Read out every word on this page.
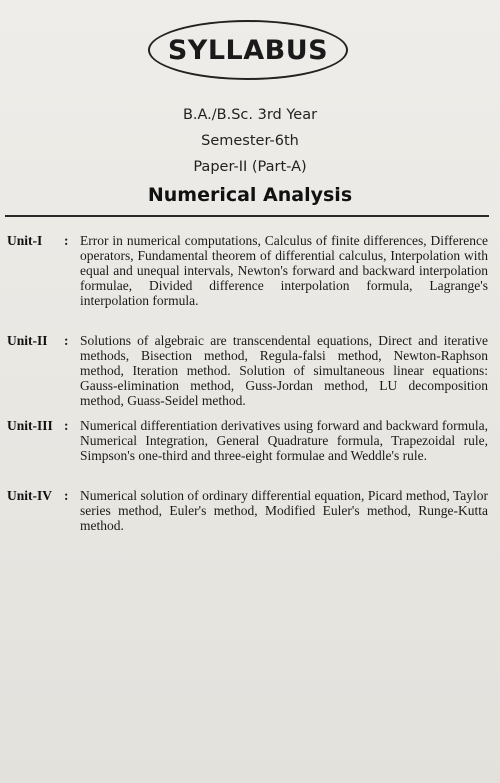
SYLLABUS
B.A./B.Sc. 3rd Year
Semester-6th
Paper-II (Part-A)
Numerical Analysis
Unit-I	: Error in numerical computations, Calculus of finite differences, Difference operators, Fundamental theorem of differential calculus, Interpolation with equal and unequal intervals, Newton's forward and backward interpolation formulae, Divided difference interpolation formula, Lagrange's interpolation formula.
Unit-II	: Solutions of algebraic are transcendental equations, Direct and iterative methods, Bisection method, Regula-falsi method, Newton-Raphson method, Iteration method. Solution of simultaneous linear equations: Gauss-elimination method, Guss-Jordan method, LU decomposition method, Guass-Seidel method.
Unit-III : Numerical differentiation derivatives using forward and backward formula, Numerical Integration, General Quadrature formula, Trapezoidal rule, Simpson's one-third and three-eight formulae and Weddle's rule.
Unit-IV : Numerical solution of ordinary differential equation, Picard method, Taylor series method, Euler's method, Modified Euler's method, Runge-Kutta method.
